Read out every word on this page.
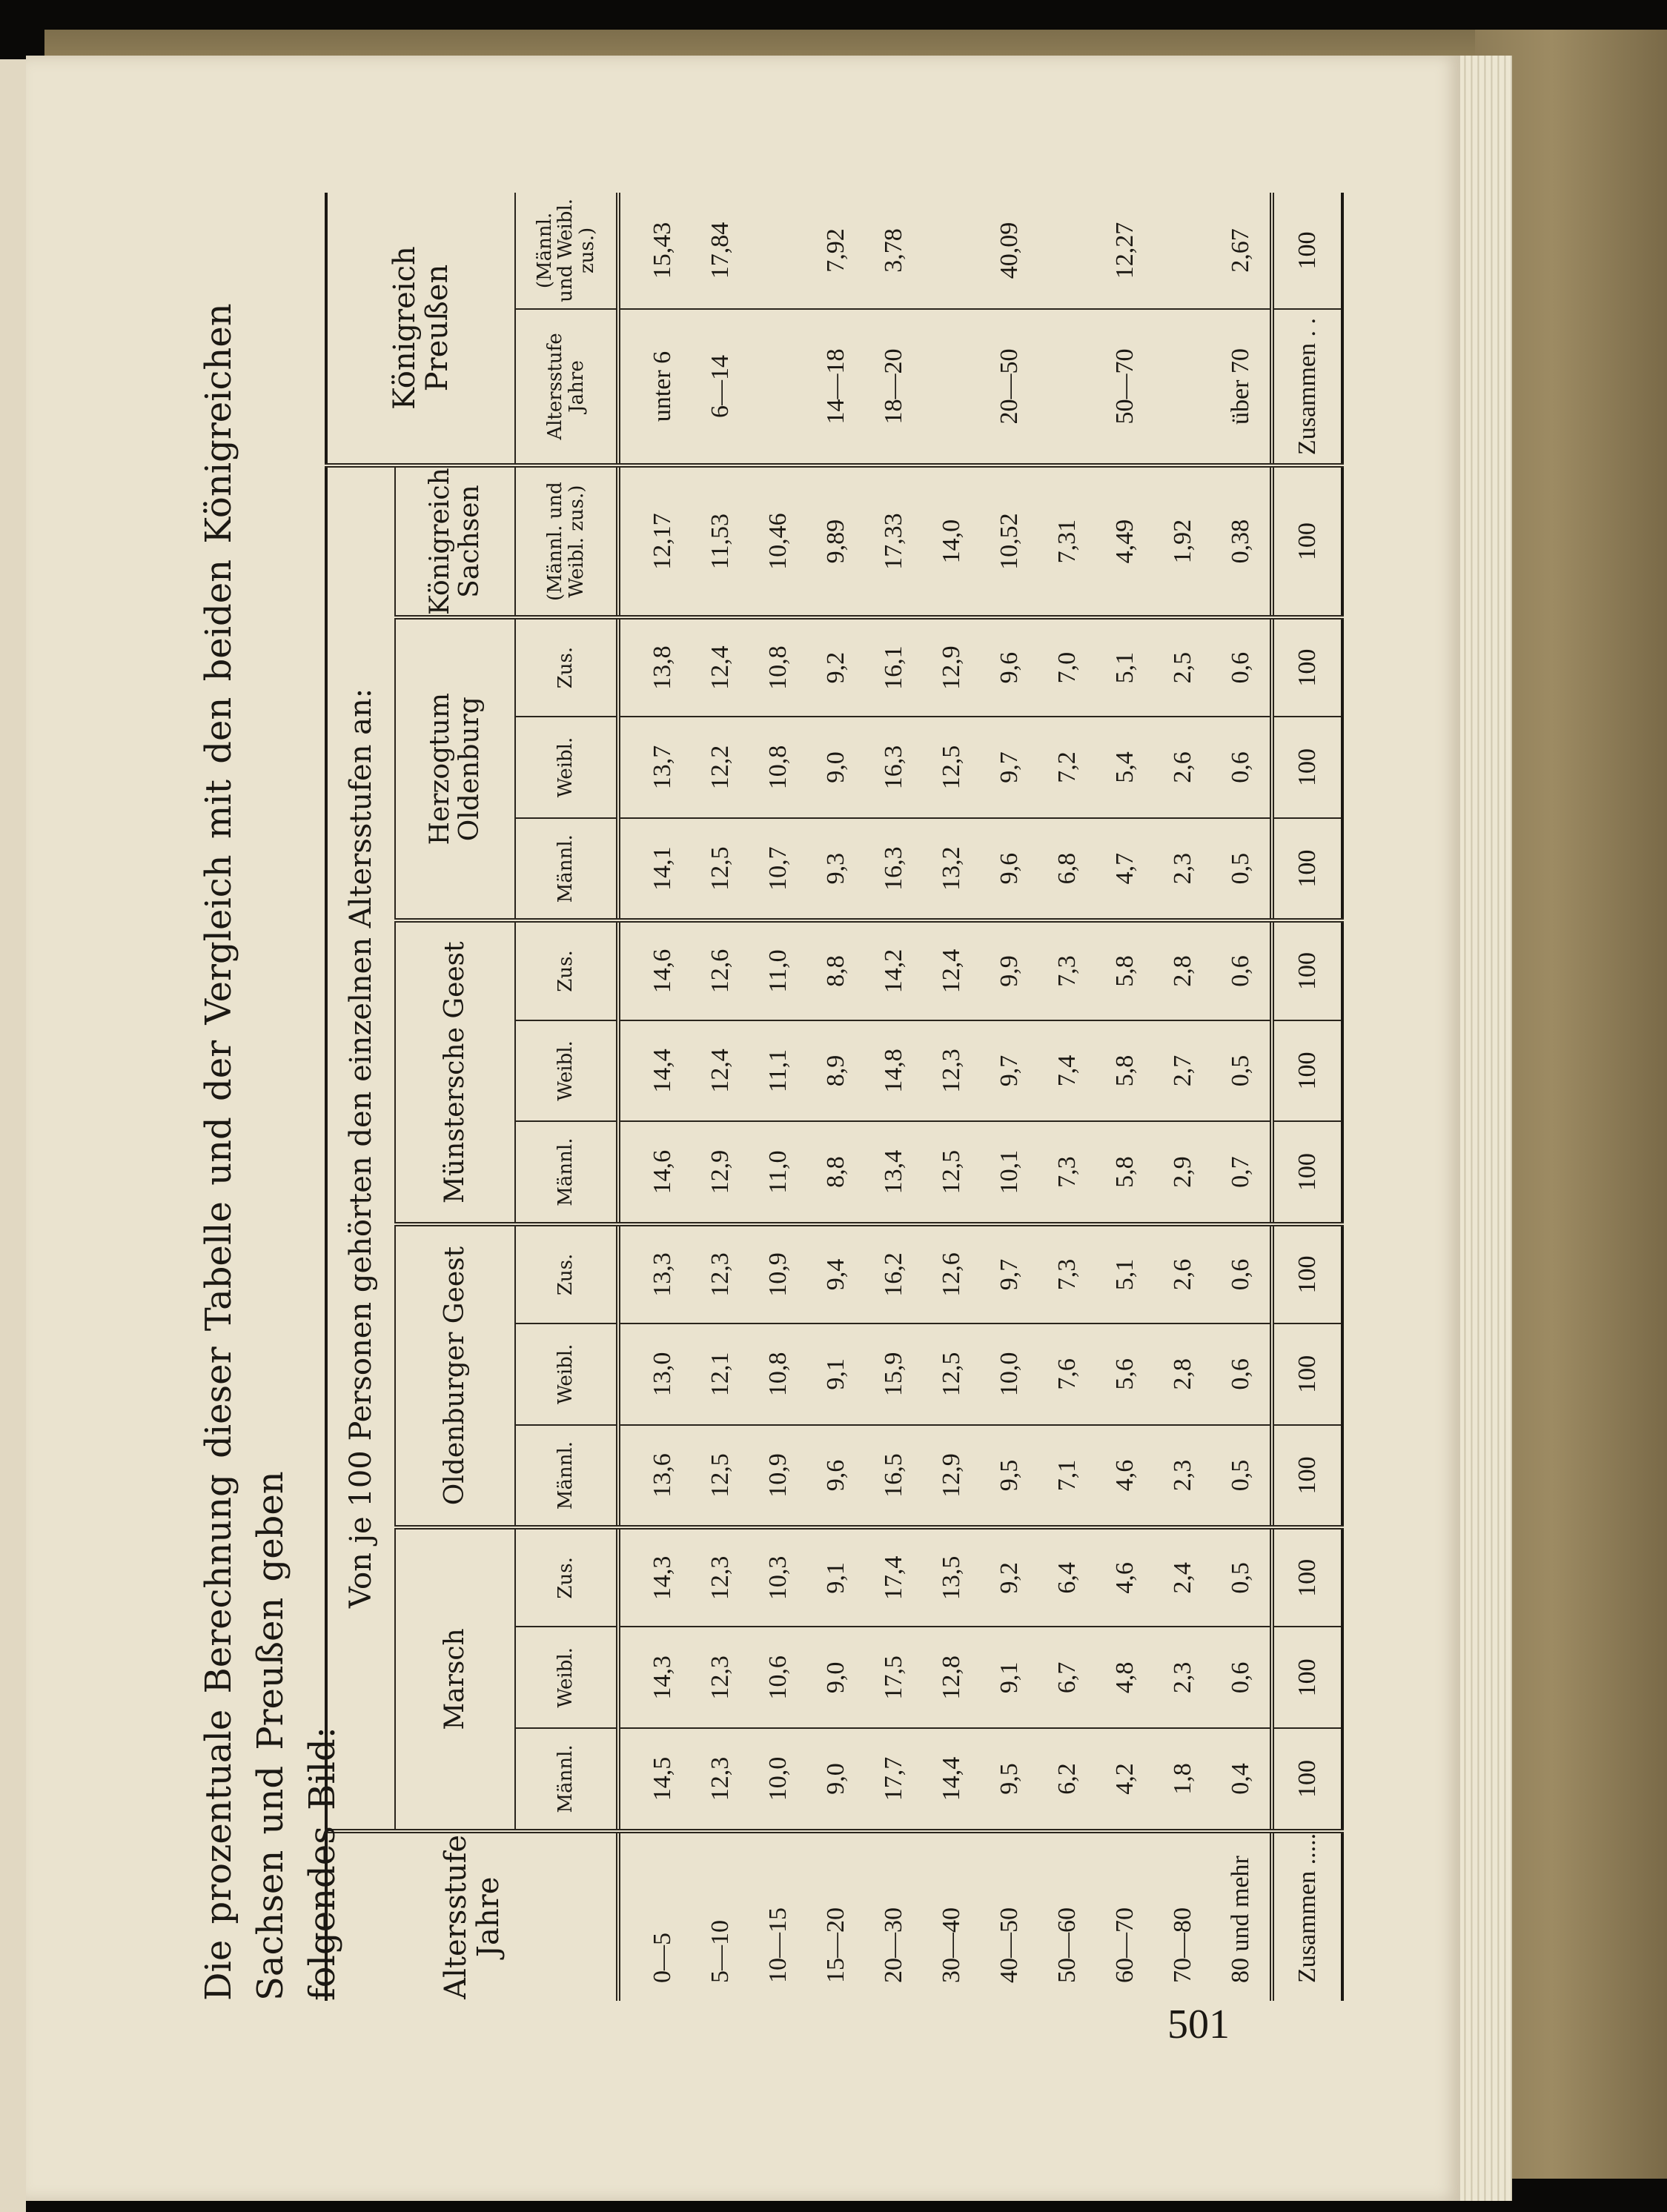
Die prozentuale Berechnung dieser Tabelle und der Vergleich mit den beiden Königreichen Sachsen und Preußen geben folgendes Bild:	Altersstufe Jahre	Von je 100 Personen gehörten den einzelnen Altersstufen an:													Königreich Preußen	
	Marsch			Oldenburger Geest			Münstersche Geest			Herzogtum Oldenburg			Königreich Sachsen		
	Männl.	Weibl.	Zus.	Männl.	Weibl.	Zus.	Männl.	Weibl.	Zus.	Männl.	Weibl.	Zus.	(Männl. und Weibl. zus.)	Altersstufe Jahre	(Männl. und Weibl. zus.)
0—5	14,5	14,3	14,3	13,6	13,0	13,3	14,6	14,4	14,6	14,1	13,7	13,8	12,17	unter 6	15,43
5—10	12,3	12,3	12,3	12,5	12,1	12,3	12,9	12,4	12,6	12,5	12,2	12,4	11,53	6—14	17,84
10—15	10,0	10,6	10,3	10,9	10,8	10,9	11,0	11,1	11,0	10,7	10,8	10,8	10,46		
15—20	9,0	9,0	9,1	9,6	9,1	9,4	8,8	8,9	8,8	9,3	9,0	9,2	9,89	14—18	7,92
20—30	17,7	17,5	17,4	16,5	15,9	16,2	13,4	14,8	14,2	16,3	16,3	16,1	17,33	18—20	3,78
30—40	14,4	12,8	13,5	12,9	12,5	12,6	12,5	12,3	12,4	13,2	12,5	12,9	14,0		
40—50	9,5	9,1	9,2	9,5	10,0	9,7	10,1	9,7	9,9	9,6	9,7	9,6	10,52	20—50	40,09
50—60	6,2	6,7	6,4	7,1	7,6	7,3	7,3	7,4	7,3	6,8	7,2	7,0	7,31		
60—70	4,2	4,8	4,6	4,6	5,6	5,1	5,8	5,8	5,8	4,7	5,4	5,1	4,49	50—70	12,27
70—80	1,8	2,3	2,4	2,3	2,8	2,6	2,9	2,7	2,8	2,3	2,6	2,5	1,92		
80 und mehr	0,4	0,6	0,5	0,5	0,6	0,6	0,7	0,5	0,6	0,5	0,6	0,6	0,38	über 70	2,67
Zusammen .....	100	100	100	100	100	100	100	100	100	100	100	100	100	Zusammen . .	100
501
